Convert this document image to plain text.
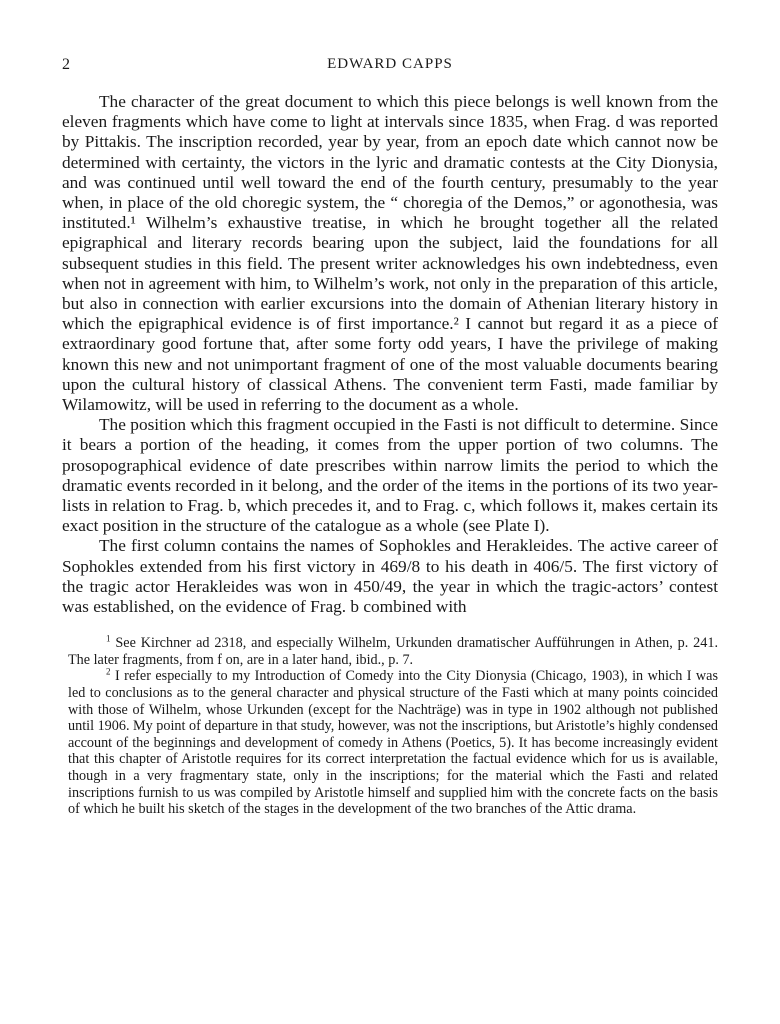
2	EDWARD CAPPS

The character of the great document to which this piece belongs is well known from the eleven fragments which have come to light at intervals since 1835, when Frag. d was reported by Pittakis. The inscription recorded, year by year, from an epoch date which cannot now be determined with certainty, the victors in the lyric and dramatic contests at the City Dionysia, and was continued until well toward the end of the fourth century, presumably to the year when, in place of the old choregic system, the “ choregia of the Demos,” or agonothesia, was instituted.¹ Wilhelm’s exhaustive treatise, in which he brought together all the related epigraphical and literary records bearing upon the subject, laid the foundations for all subsequent studies in this field. The present writer acknowledges his own indebtedness, even when not in agreement with him, to Wilhelm’s work, not only in the preparation of this article, but also in connection with earlier excursions into the domain of Athenian literary history in which the epigraphical evidence is of first importance.² I cannot but regard it as a piece of extraordinary good fortune that, after some forty odd years, I have the privilege of making known this new and not unimportant fragment of one of the most valuable documents bearing upon the cultural history of classical Athens. The convenient term Fasti, made familiar by Wilamowitz, will be used in referring to the document as a whole.

The position which this fragment occupied in the Fasti is not difficult to determine. Since it bears a portion of the heading, it comes from the upper portion of two columns. The prosopographical evidence of date prescribes within narrow limits the period to which the dramatic events recorded in it belong, and the order of the items in the portions of its two year-lists in relation to Frag. b, which precedes it, and to Frag. c, which follows it, makes certain its exact position in the structure of the catalogue as a whole (see Plate I).

The first column contains the names of Sophokles and Herakleides. The active career of Sophokles extended from his first victory in 469/8 to his death in 406/5. The first victory of the tragic actor Herakleides was won in 450/49, the year in which the tragic-actors’ contest was established, on the evidence of Frag. b combined with

$^1$ See Kirchner ad 2318, and especially Wilhelm, Urkunden dramatischer Aufführungen in Athen, p. 241. The later fragments, from f on, are in a later hand, ibid., p. 7.

$^2$ I refer especially to my Introduction of Comedy into the City Dionysia (Chicago, 1903), in which I was led to conclusions as to the general character and physical structure of the Fasti which at many points coincided with those of Wilhelm, whose Urkunden (except for the Nachträge) was in type in 1902 although not published until 1906. My point of departure in that study, however, was not the inscriptions, but Aristotle’s highly condensed account of the beginnings and development of comedy in Athens (Poetics, 5). It has become increasingly evident that this chapter of Aristotle requires for its correct interpretation the factual evidence which for us is available, though in a very fragmentary state, only in the inscriptions; for the material which the Fasti and related inscriptions furnish to us was compiled by Aristotle himself and supplied him with the concrete facts on the basis of which he built his sketch of the stages in the development of the two branches of the Attic drama.
